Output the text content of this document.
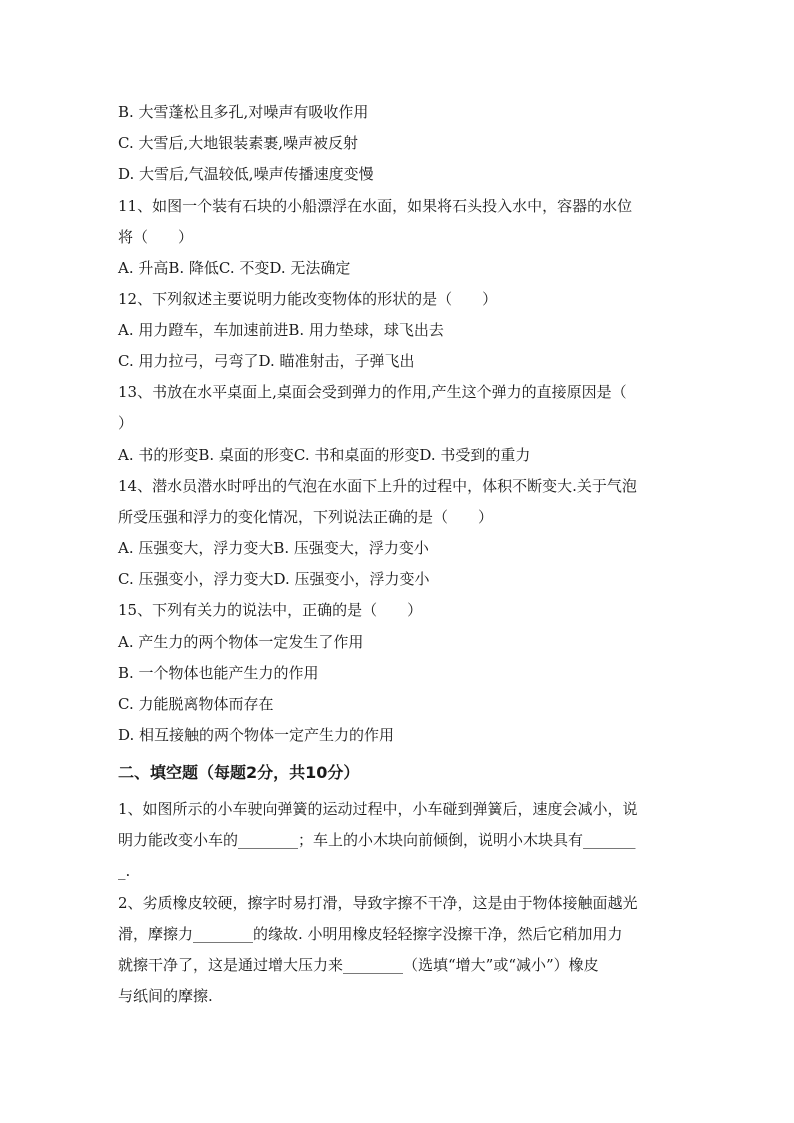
B. 大雪蓬松且多孔,对噪声有吸收作用
C. 大雪后,大地银装素裹,噪声被反射
D. 大雪后,气温较低,噪声传播速度变慢
11、如图一个装有石块的小船漂浮在水面，如果将石头投入水中，容器的水位
将（　　）
A. 升高B. 降低C. 不变D. 无法确定
12、下列叙述主要说明力能改变物体的形状的是（　　）
A. 用力蹬车，车加速前进B. 用力垫球，球飞出去
C. 用力拉弓，弓弯了D. 瞄准射击，子弹飞出
13、书放在水平桌面上,桌面会受到弹力的作用,产生这个弹力的直接原因是（
）
A. 书的形变B. 桌面的形变C. 书和桌面的形变D. 书受到的重力
14、潜水员潜水时呼出的气泡在水面下上升的过程中，体积不断变大.关于气泡
所受压强和浮力的变化情况，下列说法正确的是（　　）
A. 压强变大，浮力变大B. 压强变大，浮力变小
C. 压强变小，浮力变大D. 压强变小，浮力变小
15、下列有关力的说法中，正确的是（　　）
A. 产生力的两个物体一定发生了作用
B. 一个物体也能产生力的作用
C. 力能脱离物体而存在
D. 相互接触的两个物体一定产生力的作用
二、填空题（每题2分，共10分）
1、如图所示的小车驶向弹簧的运动过程中，小车碰到弹簧后，速度会减小，说
明力能改变小车的________；车上的小木块向前倾倒，说明小木块具有_______
_.
2、劣质橡皮较硬，擦字时易打滑，导致字擦不干净，这是由于物体接触面越光
滑，摩擦力________的缘故. 小明用橡皮轻轻擦字没擦干净，然后它稍加用力
就擦干净了，这是通过增大压力来________（选填“增大”或“减小”）橡皮
与纸间的摩擦.
